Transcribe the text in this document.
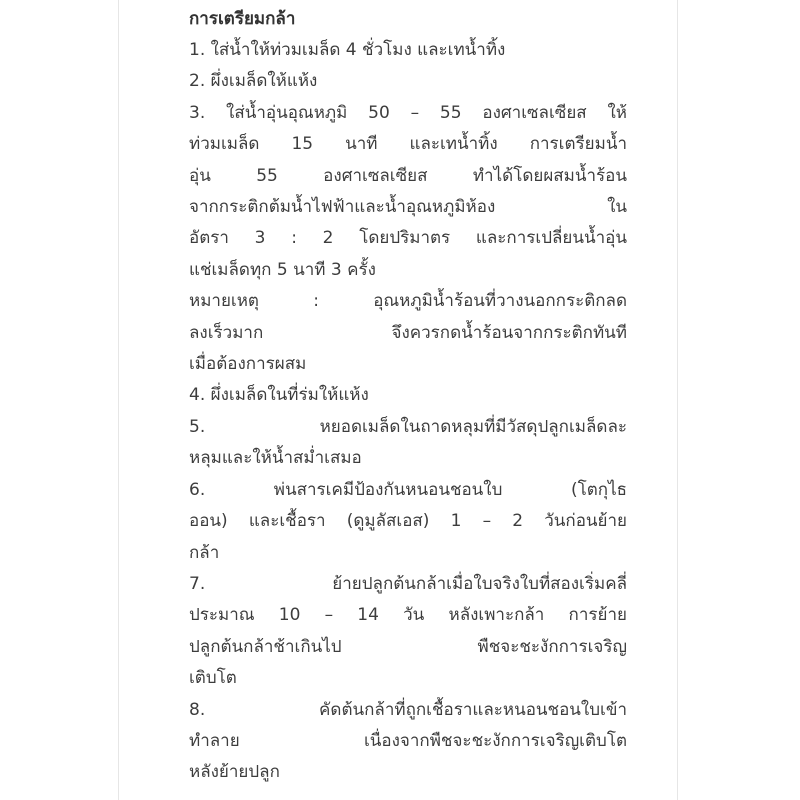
การเตรียมกล้า

1. ใส่น้ำให้ท่วมเมล็ด 4 ชั่วโมง และเทน้ำทิ้ง

2. ผึ่งเมล็ดให้แห้ง

3. ใส่น้ำอุ่นอุณหภูมิ 50 – 55 องศาเซลเซียส ให้

ท่วมเมล็ด 15 นาที และเทน้ำทิ้ง การเตรียมน้ำ

อุ่น 55 องศาเซลเซียส ทำได้โดยผสมน้ำร้อน

จากกระติกต้มน้ำไฟฟ้าและน้ำอุณหภูมิห้อง ใน

อัตรา 3 : 2 โดยปริมาตร และการเปลี่ยนน้ำอุ่น

แช่เมล็ดทุก 5 นาที 3 ครั้ง

หมายเหตุ : อุณหภูมิน้ำร้อนที่วางนอกกระติกลด

ลงเร็วมาก จึงควรกดน้ำร้อนจากกระติกทันที

เมื่อต้องการผสม

4. ผึ่งเมล็ดในที่ร่มให้แห้ง

5. หยอดเมล็ดในถาดหลุมที่มีวัสดุปลูกเมล็ดละ

หลุมและให้น้ำสม่ำเสมอ

6. พ่นสารเคมีป้องกันหนอนชอนใบ (โตกุไธ

ออน) และเชื้อรา (ดูมูลัสเอส) 1 – 2 วันก่อนย้าย

กล้า

7. ย้ายปลูกต้นกล้าเมื่อใบจริงใบที่สองเริ่มคลี่

ประมาณ 10 – 14 วัน หลังเพาะกล้า การย้าย

ปลูกต้นกล้าช้าเกินไป พืชจะชะงักการเจริญ

เติบโต

8. คัดต้นกล้าที่ถูกเชื้อราและหนอนชอนใบเข้า

ทำลาย เนื่องจากพืชจะชะงักการเจริญเติบโต

หลังย้ายปลูก
